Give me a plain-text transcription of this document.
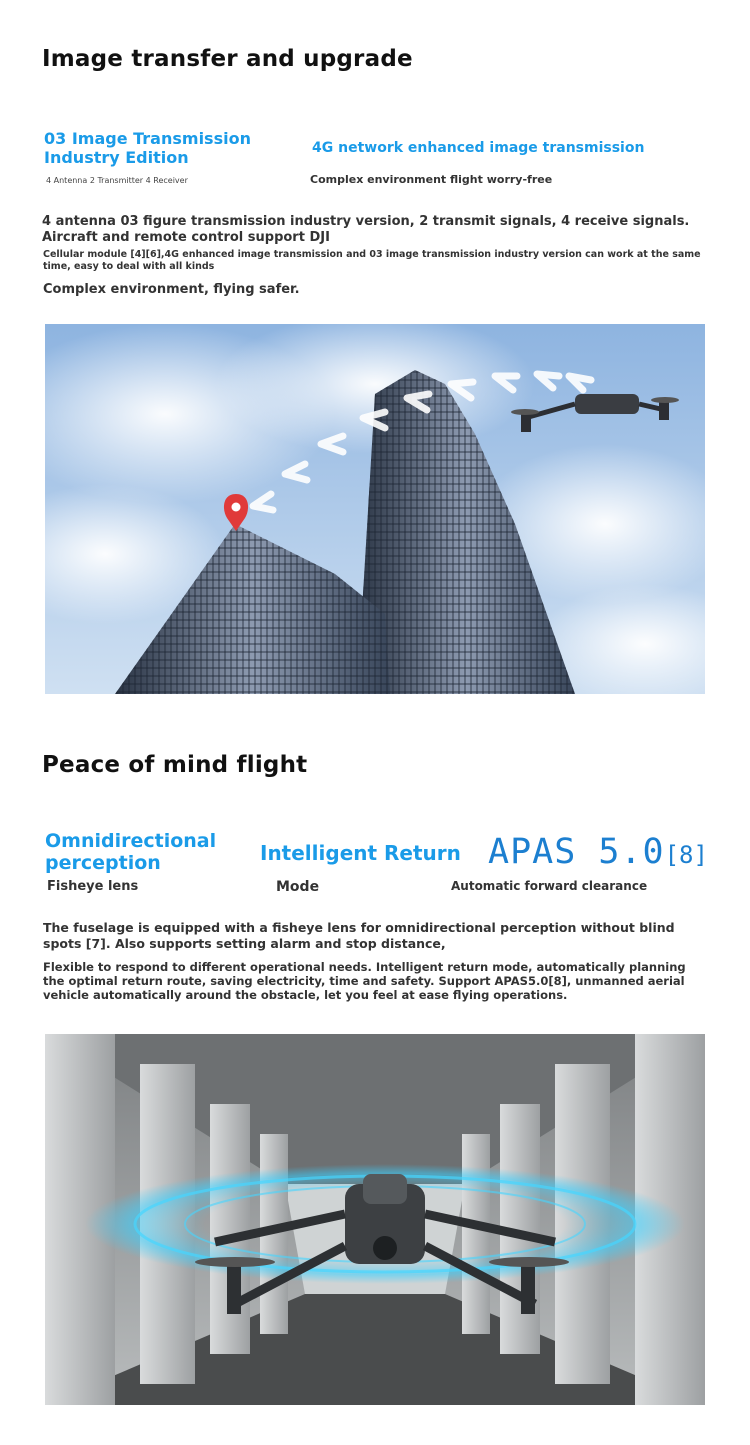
Image transfer and upgrade
03 Image Transmission Industry Edition
4 Antenna 2 Transmitter 4 Receiver
4G network enhanced image transmission
Complex environment flight worry-free
4 antenna 03 figure transmission industry version, 2 transmit signals, 4 receive signals.
Aircraft and remote control support DJI
Cellular module [4][6],4G enhanced image transmission and 03 image transmission industry version can work at the same time, easy to deal with all kinds
Complex environment, flying safer.
Peace of mind flight
Omnidirectional perception
Fisheye lens
Intelligent Return
Mode
APAS 5.0[8]
Automatic forward clearance
The fuselage is equipped with a fisheye lens for omnidirectional perception without blind spots [7]. Also supports setting alarm and stop distance,
Flexible to respond to different operational needs. Intelligent return mode, automatically planning the optimal return route, saving electricity, time and safety. Support APAS5.0[8], unmanned aerial vehicle automatically around the obstacle, let you feel at ease flying operations.
